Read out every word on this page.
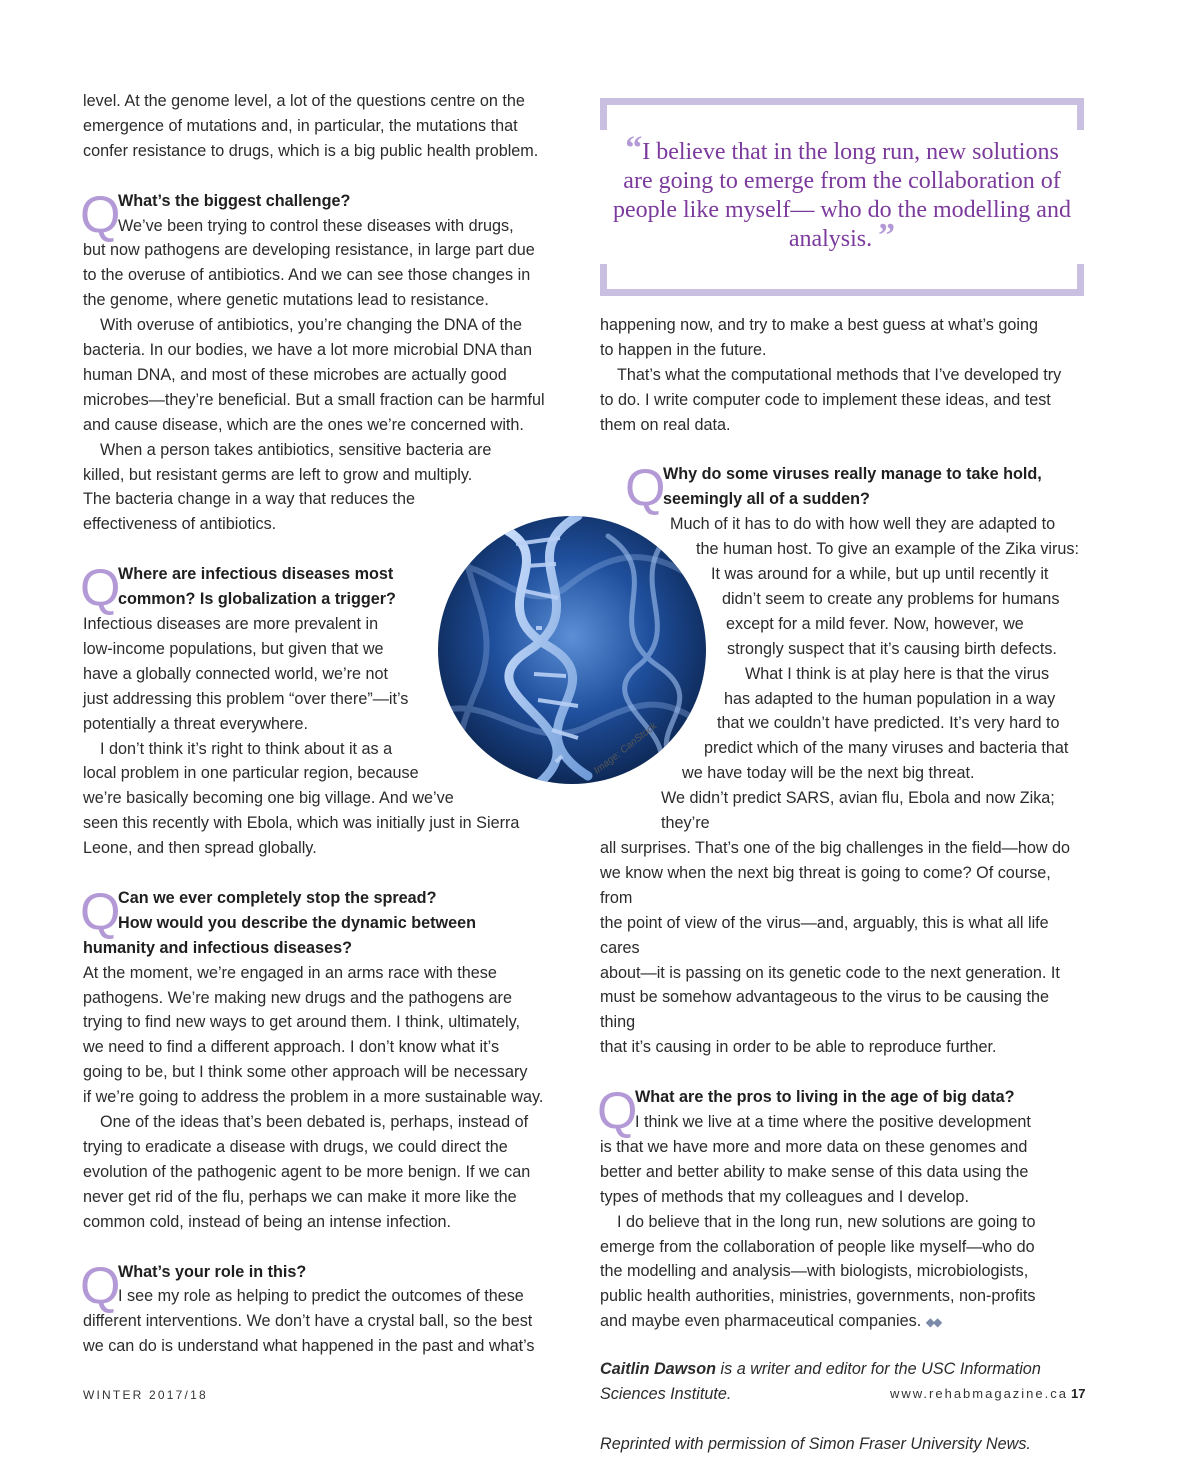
level. At the genome level, a lot of the questions centre on the

emergence of mutations and, in particular, the mutations that

confer resistance to drugs, which is a big public health problem.

Q

What’s the biggest challenge?

We’ve been trying to control these diseases with drugs,

but now pathogens are developing resistance, in large part due

to the overuse of antibiotics. And we can see those changes in

the genome, where genetic mutations lead to resistance.

With overuse of antibiotics, you’re changing the DNA of the

bacteria. In our bodies, we have a lot more microbial DNA than

human DNA, and most of these microbes are actually good

microbes—they’re beneficial. But a small fraction can be harmful

and cause disease, which are the ones we’re concerned with.

When a person takes antibiotics, sensitive bacteria are

killed, but resistant germs are left to grow and multiply.

The bacteria change in a way that reduces the

effectiveness of antibiotics.

Q

Where are infectious diseases most

common? Is globalization a trigger?

Infectious diseases are more prevalent in

low-income populations, but given that we

have a globally connected world, we’re not

just addressing this problem “over there”—it’s

potentially a threat everywhere.

I don’t think it’s right to think about it as a

local problem in one particular region, because

we’re basically becoming one big village. And we’ve

seen this recently with Ebola, which was initially just in Sierra

Leone, and then spread globally.

Q

Can we ever completely stop the spread?

How would you describe the dynamic between

humanity and infectious diseases?

At the moment, we’re engaged in an arms race with these

pathogens. We’re making new drugs and the pathogens are

trying to find new ways to get around them. I think, ultimately,

we need to find a different approach. I don’t know what it’s

going to be, but I think some other approach will be necessary

if we’re going to address the problem in a more sustainable way.

One of the ideas that’s been debated is, perhaps, instead of

trying to eradicate a disease with drugs, we could direct the

evolution of the pathogenic agent to be more benign. If we can

never get rid of the flu, perhaps we can make it more like the

common cold, instead of being an intense infection.

Q

What’s your role in this?

I see my role as helping to predict the outcomes of these

different interventions. We don’t have a crystal ball, so the best

we can do is understand what happened in the past and what’s

“I believe that in the long run, new solutions are going to emerge from the collaboration of people like myself— who do the modelling and analysis. ”
Image: CanStock

happening now, and try to make a best guess at what’s going

to happen in the future.

That’s what the computational methods that I’ve developed try

to do. I write computer code to implement these ideas, and test

them on real data.

Q

Why do some viruses really manage to take hold,

seemingly all of a sudden?

Much of it has to do with how well they are adapted to

the human host. To give an example of the Zika virus:

It was around for a while, but up until recently it

didn’t seem to create any problems for humans

except for a mild fever. Now, however, we

strongly suspect that it’s causing birth defects.

What I think is at play here is that the virus

has adapted to the human population in a way

that we couldn’t have predicted. It’s very hard to

predict which of the many viruses and bacteria that

we have today will be the next big threat.

We didn’t predict SARS, avian flu, Ebola and now Zika; they’re

all surprises. That’s one of the big challenges in the field—how do

we know when the next big threat is going to come? Of course, from

the point of view of the virus—and, arguably, this is what all life cares

about—it is passing on its genetic code to the next generation. It

must be somehow advantageous to the virus to be causing the thing

that it’s causing in order to be able to reproduce further.

Q

What are the pros to living in the age of big data?

I think we live at a time where the positive development

is that we have more and more data on these genomes and

better and better ability to make sense of this data using the

types of methods that my colleagues and I develop.

I do believe that in the long run, new solutions are going to

emerge from the collaboration of people like myself—who do

the modelling and analysis—with biologists, microbiologists,

public health authorities, ministries, governments, non-profits

and maybe even pharmaceutical companies. ◆◆

Caitlin Dawson is a writer and editor for the USC Information

Sciences Institute.

Reprinted with permission of Simon Fraser University News.

WINTER 2017/18	www.rehabmagazine.ca 17
